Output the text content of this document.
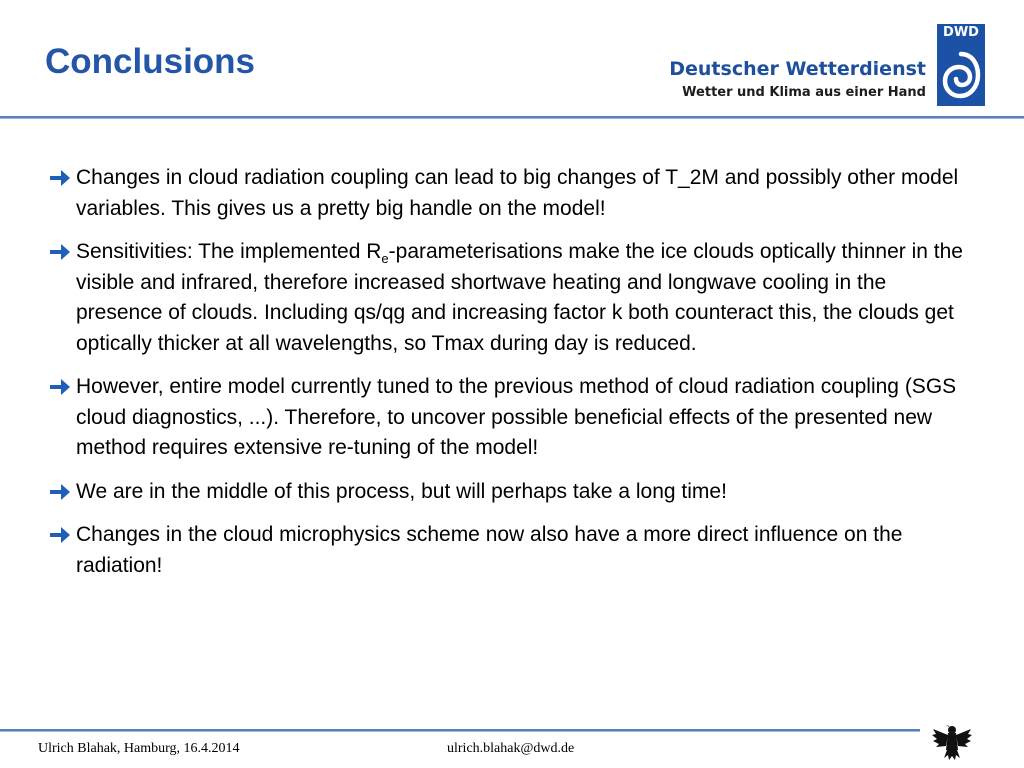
Conclusions	Deutscher Wetterdienst
Wetter und Klima aus einer Hand
DWD
Changes in cloud radiation coupling can lead to big changes of T_2M and possibly other model variables. This gives us a pretty big handle on the model!
Sensitivities: The implemented $R_e$-parameterisations make the ice clouds optically thinner in the visible and infrared, therefore increased shortwave heating and longwave cooling in the presence of clouds. Including qs/qg and increasing factor k both counteract this, the clouds get optically thicker at all wavelengths, so Tmax during day is reduced.
However, entire model currently tuned to the previous method of cloud radiation coupling (SGS cloud diagnostics, ...). Therefore, to uncover possible beneficial effects of the presented new method requires extensive re-tuning of the model!
We are in the middle of this process, but will perhaps take a long time!
Changes in the cloud microphysics scheme now also have a more direct influence on the radiation!
Ulrich Blahak, Hamburg, 16.4.2014	ulrich.blahak@dwd.de
